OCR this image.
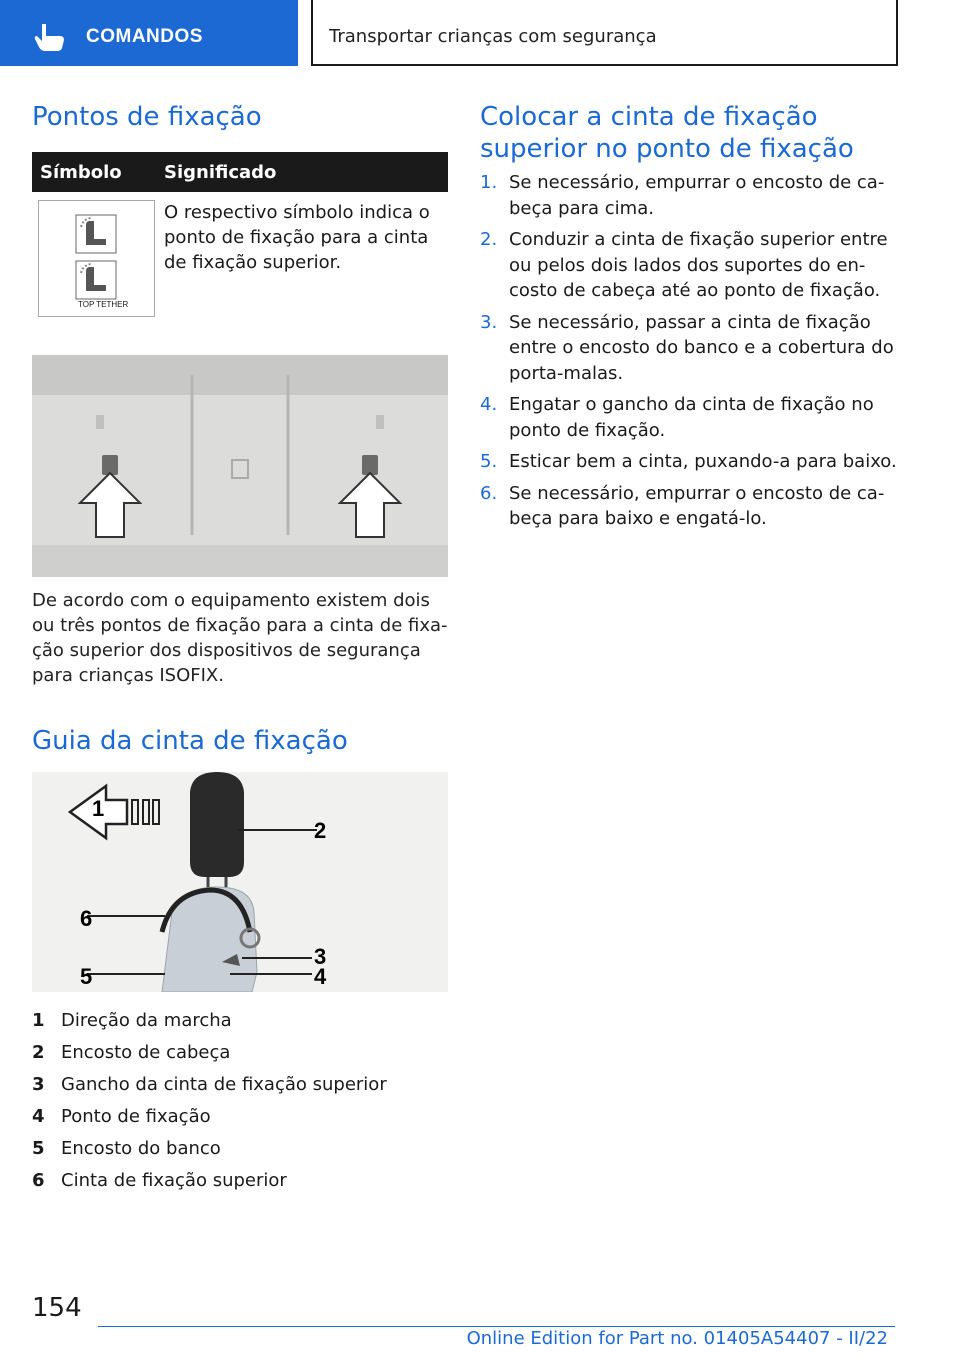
COMANDOS	Transportar crianças com segurança
Pontos de fixação
Símbolo	Significado

TOP TETHER	O respectivo símbolo indica o ponto de fixação para a cinta de fixação superior.

De acordo com o equipamento existem dois ou três pontos de fixação para a cinta de fixa-ção superior dos dispositivos de segurança para crianças ISOFIX.

Guia da cinta de fixação
1
2
3
4
5
6
1 Direção da marcha
2 Encosto de cabeça
3 Gancho da cinta de fixação superior
4 Ponto de fixação
5 Encosto do banco
6 Cinta de fixação superior
Colocar a cinta de fixação superior no ponto de fixação
1. Se necessário, empurrar o encosto de ca-beça para cima.
2. Conduzir a cinta de fixação superior entre ou pelos dois lados dos suportes do en-costo de cabeça até ao ponto de fixação.
3. Se necessário, passar a cinta de fixação entre o encosto do banco e a cobertura do porta-malas.
4. Engatar o gancho da cinta de fixação no ponto de fixação.
5. Esticar bem a cinta, puxando-a para baixo.
6. Se necessário, empurrar o encosto de ca-beça para baixo e engatá-lo.
154
Online Edition for Part no. 01405A54407 - II/22
